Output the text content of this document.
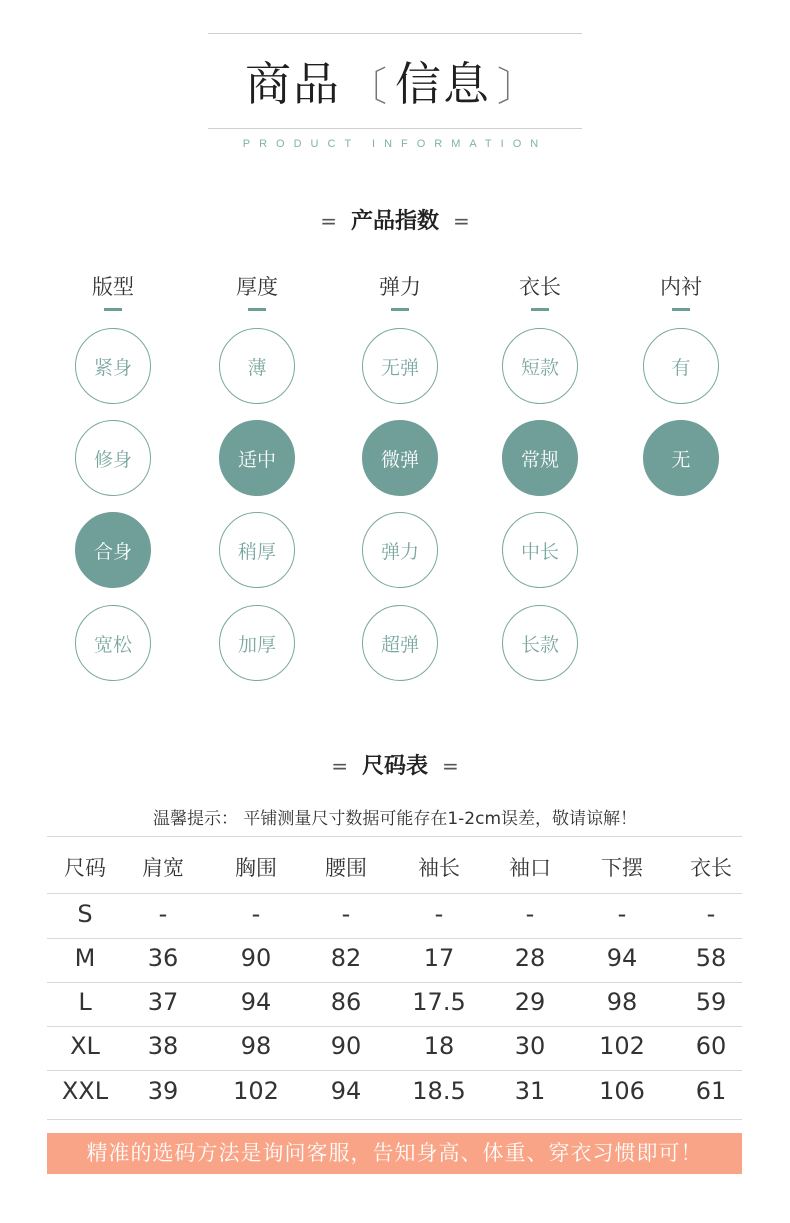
商品 〔 信息 〕
PRODUCT INFORMATION
= 产品指数 =
版型
紧身
修身
合身
宽松
厚度
薄
适中
稍厚
加厚
弹力
无弹
微弹
弹力
超弹
衣长
短款
常规
中长
长款
内衬
有
无
= 尺码表 =
温馨提示： 平铺测量尺寸数据可能存在1-2cm误差，敬请谅解！
尺码 肩宽 胸围 腰围 袖长 袖口 下摆 衣长
S	-	-	-	-	-	-	-
M 36	90 82	17	28	94 58
L 37	94 86 17.5 29	98 59
XL 38	98 90	18	30 102 60
XXL 39 102 94 18.5 31 106 61
精准的选码方法是询问客服，告知身高、体重、穿衣习惯即可！
